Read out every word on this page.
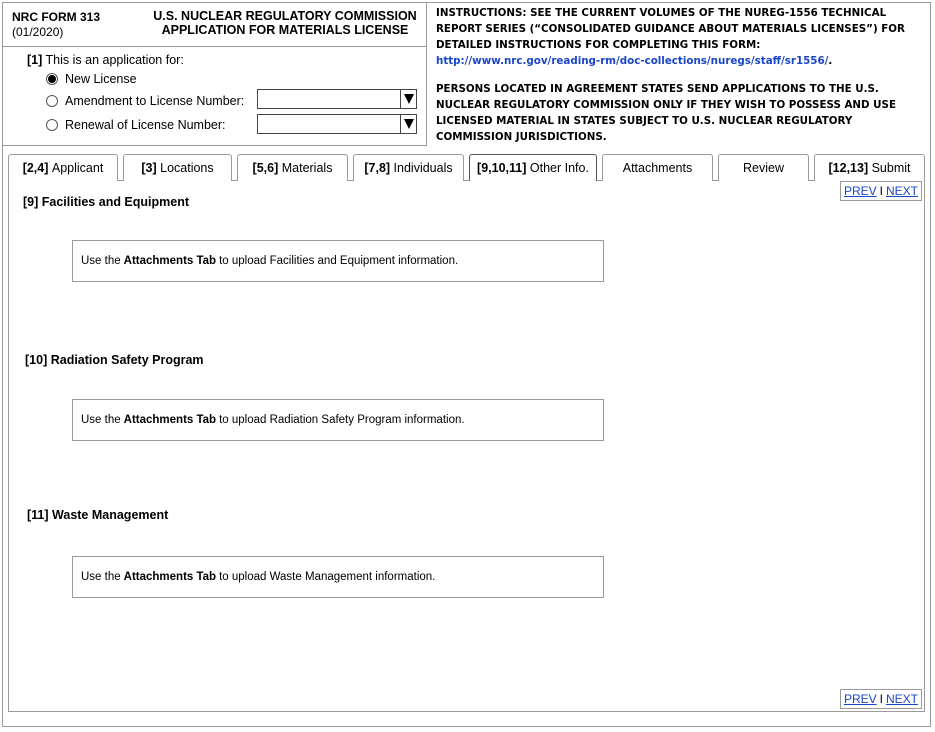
NRC FORM 313
(01/2020)
U.S. NUCLEAR REGULATORY COMMISSION
APPLICATION FOR MATERIALS LICENSE
[1] This is an application for:
New License
Amendment to License Number:
Renewal of License Number:

INSTRUCTIONS: SEE THE CURRENT VOLUMES OF THE NUREG-1556 TECHNICAL REPORT SERIES (“CONSOLIDATED GUIDANCE ABOUT MATERIALS LICENSES”) FOR DETAILED INSTRUCTIONS FOR COMPLETING THIS FORM: http://www.nrc.gov/reading-rm/doc-collections/nuregs/staff/sr1556/.

PERSONS LOCATED IN AGREEMENT STATES SEND APPLICATIONS TO THE U.S. NUCLEAR REGULATORY COMMISSION ONLY IF THEY WISH TO POSSESS AND USE LICENSED MATERIAL IN STATES SUBJECT TO U.S. NUCLEAR REGULATORY COMMISSION JURISDICTIONS.

[2,4]
Applicant	[3]
Locations	[5,6]
Materials	[7,8]
Individuals [9,10,11]
Other Info.	Attachments	Review	[12,13]
Submit
PREV I NEXT
[9] Facilities and Equipment
Use the Attachments Tab to upload Facilities and Equipment information.
[10] Radiation Safety Program
Use the Attachments Tab to upload Radiation Safety Program information.
[11] Waste Management
Use the Attachments Tab to upload Waste Management information.
PREV I NEXT
